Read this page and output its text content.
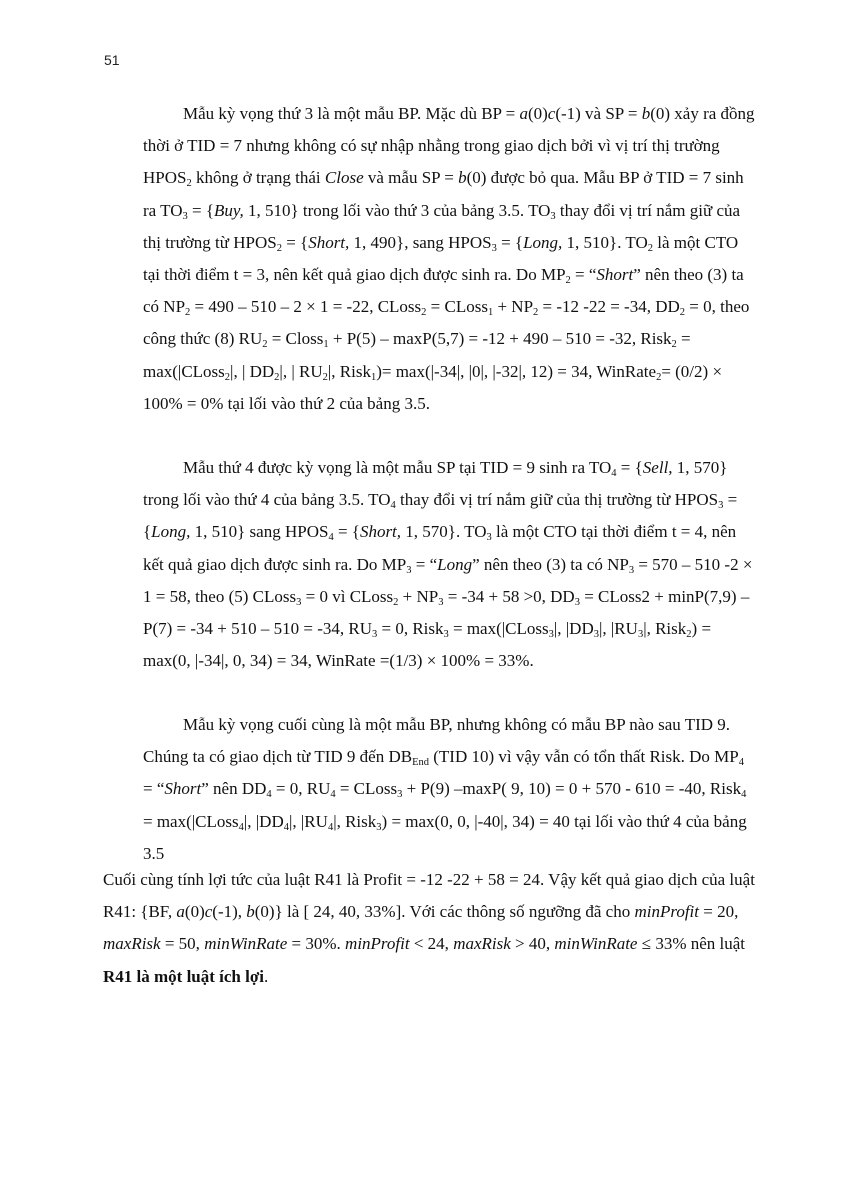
51

Mẫu kỳ vọng thứ 3 là một mẫu BP. Mặc dù BP = a(0)c(-1) và SP = b(0) xảy ra đồng thời ở TID = 7 nhưng không có sự nhập nhằng trong giao dịch bởi vì vị trí thị trường $HPOS_2$ không ở trạng thái Close và mẫu SP = b(0) được bỏ qua. Mẫu BP ở TID = 7 sinh ra $TO_3 = \{Buy$, 1, 510} trong lối vào thứ 3 của bảng 3.5. $TO_3$ thay đổi vị trí nắm giữ của thị trường từ $HPOS_2$ = {Short, 1, 490}, sang $HPOS_3$ = {Long, 1, 510}. $TO_2$ là một CTO tại thời điểm t = 3, nên kết quả giao dịch được sinh ra. Do $MP_2$ = “Short” nên theo (3) ta có $NP_2 = 490 - 510 - 2 \times 1 = -22$, CLoss$_2$ = CLoss$_1$ + $NP_2 = -12$ -22 = -34, $DD_2 = 0$, theo công thức (8) $RU_2$ = Closs$_1$ + P(5) – maxP(5,7) = -12 + 490 – 510 = -32, Risk$_2$ = max(|CLoss$_2$|, | $DD_2|$, | $RU_2|$, Risk$_1$)= max(|-34|, |0|, |-32|, 12) = 34, WinRate$_2$= (0/2) × 100% = 0% tại lối vào thứ 2 của bảng 3.5.

Mẫu thứ 4 được kỳ vọng là một mẫu SP tại TID = 9 sinh ra $TO_4$ = {Sell, 1, 570} trong lối vào thứ 4 của bảng 3.5. $TO_4$ thay đổi vị trí nắm giữ của thị trường từ $HPOS_3$ = {Long, 1, 510} sang $HPOS_4$ = {Short, 1, 570}. $TO_3$ là một CTO tại thời điểm t = 4, nên kết quả giao dịch được sinh ra. Do $MP_3$ = “Long” nên theo (3) ta có $NP_3 = 570 - 510$ -2 × 1 = 58, theo (5) CLoss$_3$ = 0 vì CLoss$_2$ + $NP_3 = -34 + 58 >0$, $DD_3$ = CLoss2 + minP(7,9) – P(7) = -34 + 510 – 510 = -34, $RU_3 = 0$, Risk$_3$ = max(|CLoss$_3$|, $|DD_3|$, $|RU_3|$, Risk$_2$) = max(0, |-34|, 0, 34) = 34, WinRate =(1/3) × 100% = 33%.

Mẫu kỳ vọng cuối cùng là một mẫu BP, nhưng không có mẫu BP nào sau TID 9. Chúng ta có giao dịch từ TID 9 đến $DB_{End}$ (TID 10) vì vậy vẫn có tổn thất Risk. Do $MP_4$ = “Short” nên $DD_4 = 0$, $RU_4$ = CLoss$_3$ + P(9) –maxP( 9, 10) = 0 + 570 - 610 = -40, Risk$_4$ = max(|CLoss$_4$|, $|DD_4|$, $|RU_4|$, Risk$_3$) = max(0, 0, |-40|, 34) = 40 tại lối vào thứ 4 của bảng 3.5

Cuối cùng tính lợi tức của luật R41 là Profit = -12 -22 + 58 = 24. Vậy kết quả giao dịch của luật R41: {BF, a(0)c(-1), b(0)} là [ 24, 40, 33%]. Với các thông số ngưỡng đã cho minProfit = 20, maxRisk = 50, minWinRate = 30%. minProfit < 24, maxRisk > 40, minWinRate ≤ 33% nên luật R41 là một luật ích lợi.
